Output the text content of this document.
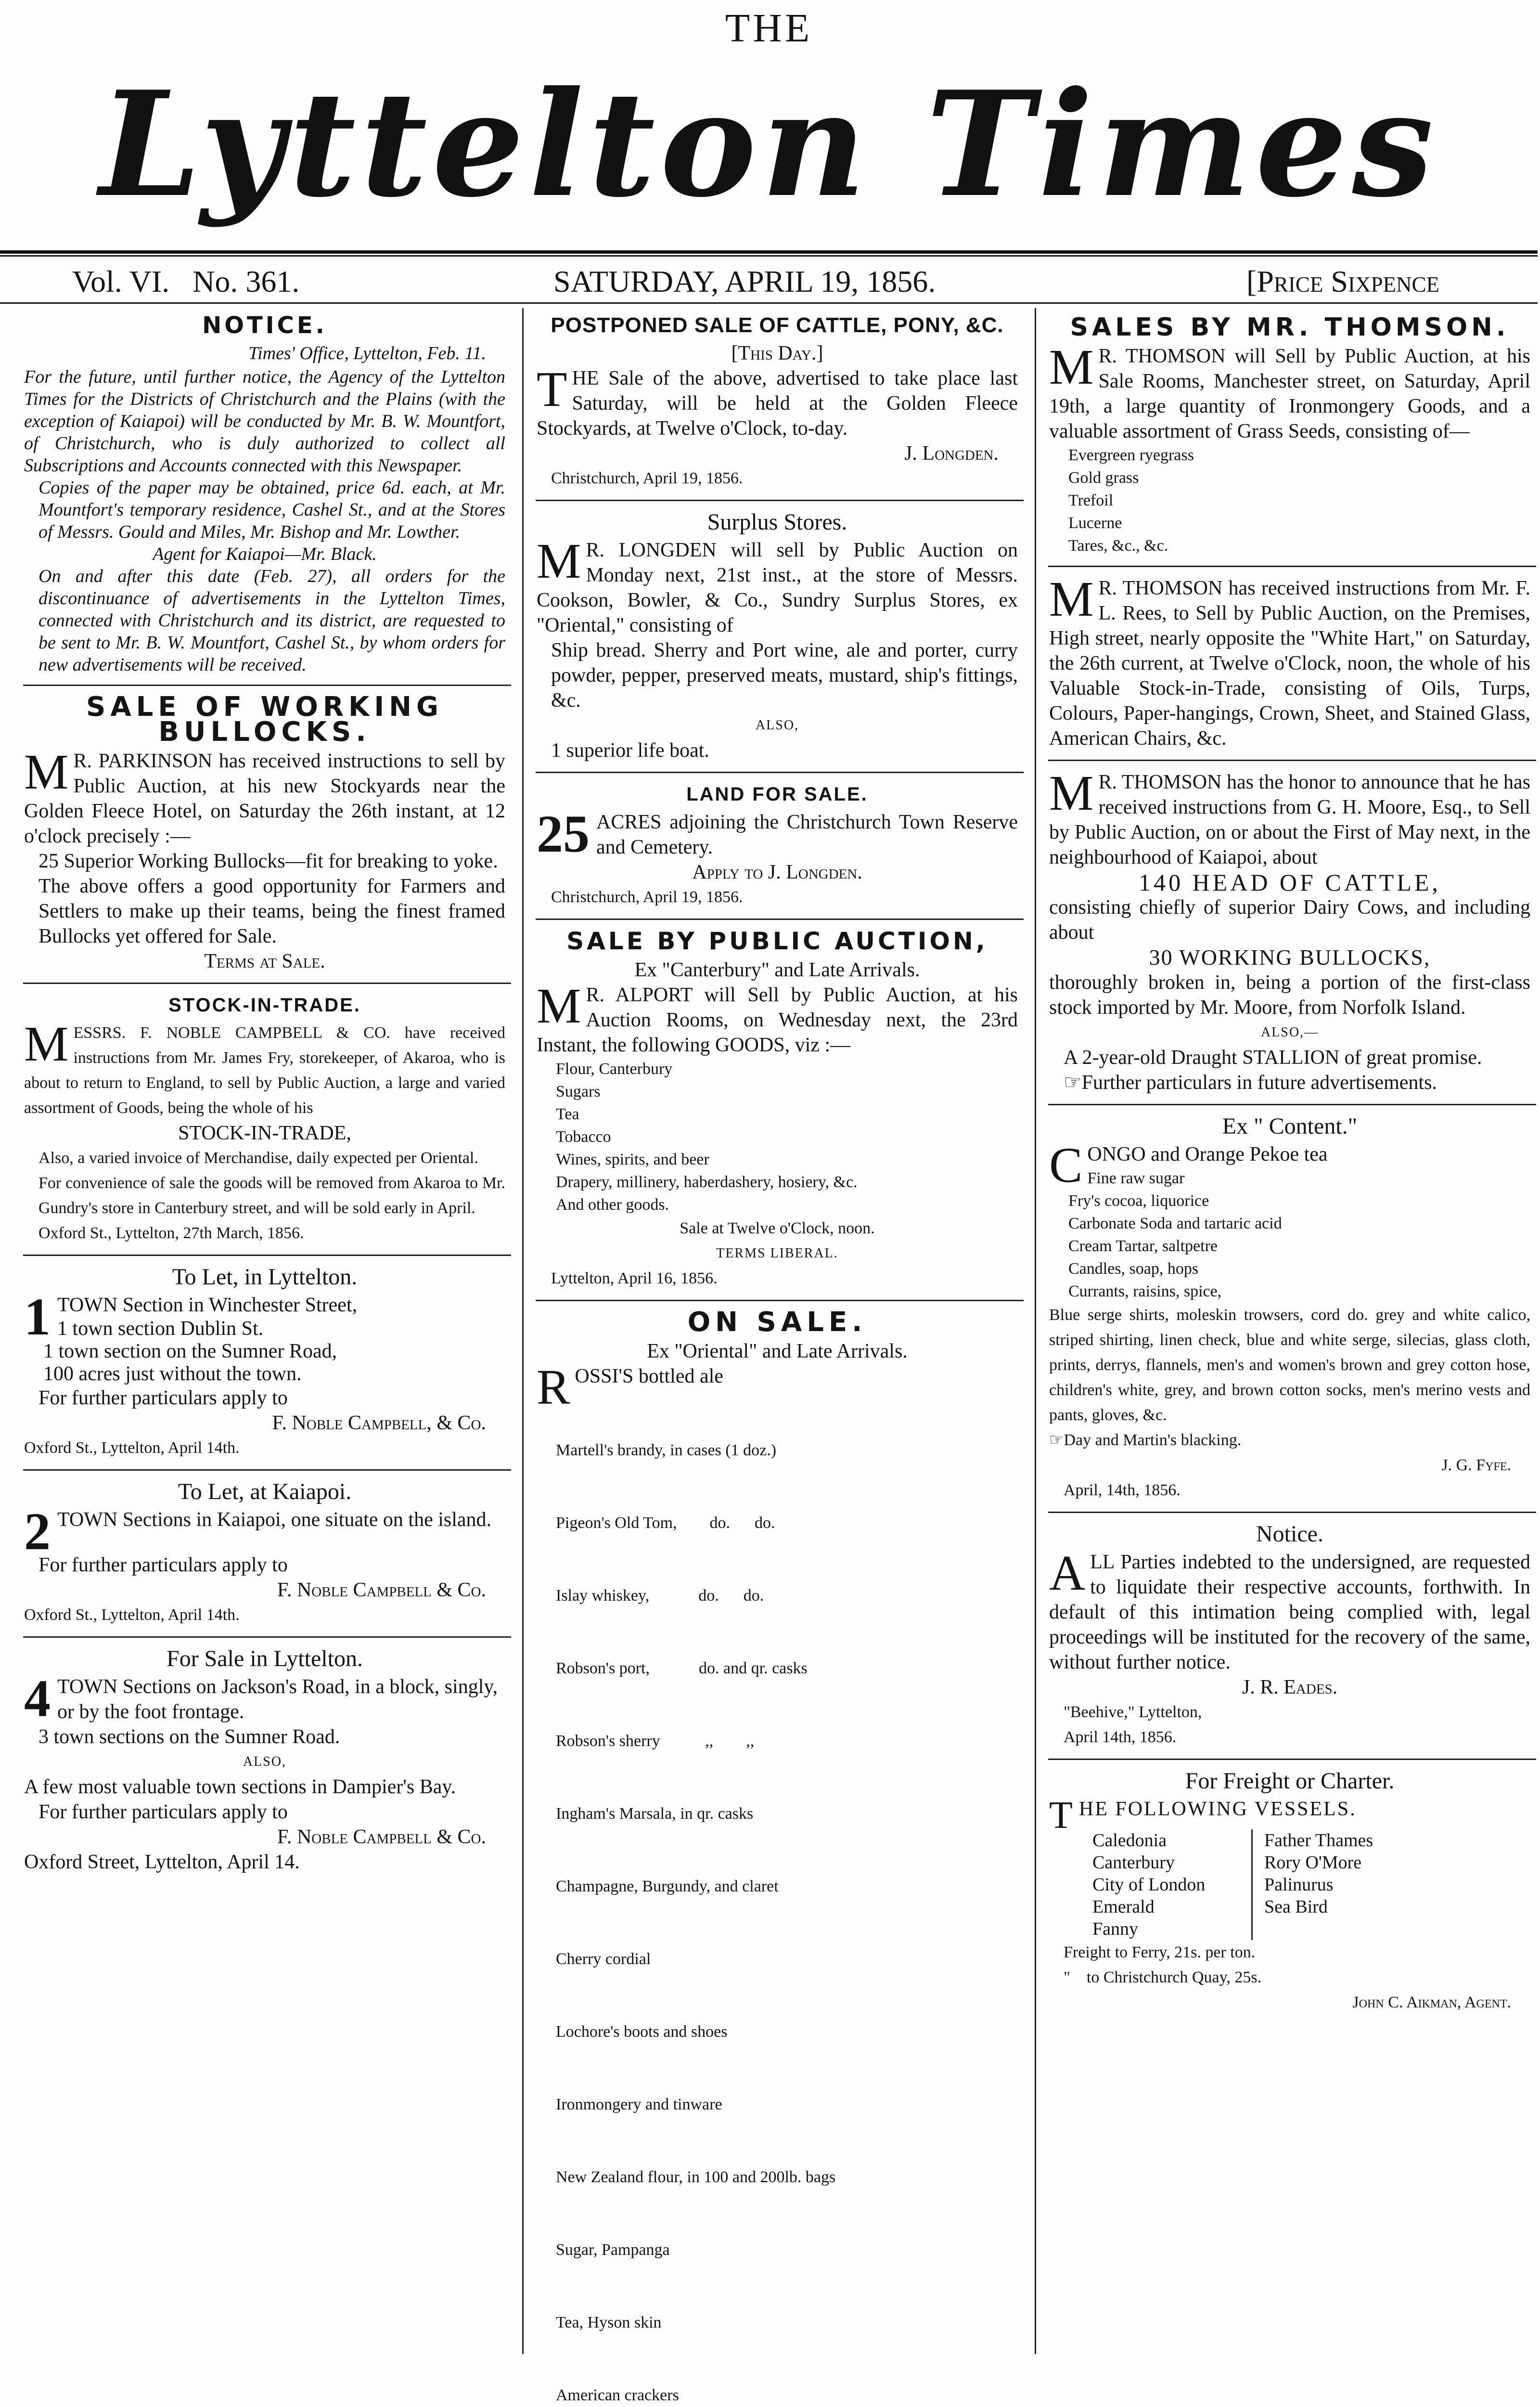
THE
Lyttelton Times
Vol. VI. No. 361.	SATURDAY, APRIL 19, 1856.	[Price Sixpence
NOTICE.
Times' Office, Lyttelton, Feb. 11.
For the future, until further notice, the Agency of the Lyttelton Times for the Districts of Christchurch and the Plains (with the exception of Kaiapoi) will be conducted by Mr. B. W. Mountfort, of Christchurch, who is duly authorized to collect all Subscriptions and Accounts connected with this Newspaper.
Copies of the paper may be obtained, price 6d. each, at Mr. Mountfort's temporary residence, Cashel St., and at the Stores of Messrs. Gould and Miles, Mr. Bishop and Mr. Lowther.
Agent for Kaiapoi—Mr. Black.
On and after this date (Feb. 27), all orders for the discontinuance of advertisements in the Lyttelton Times, connected with Christchurch and its district, are requested to be sent to Mr. B. W. Mountfort, Cashel St., by whom orders for new advertisements will be received.
SALE OF WORKING BULLOCKS.
M R. PARKINSON has received instructions to sell by Public Auction, at his new Stockyards near the Golden Fleece Hotel, on Saturday the 26th instant, at 12 o'clock precisely :—
25 Superior Working Bullocks—fit for breaking to yoke.
The above offers a good opportunity for Farmers and Settlers to make up their teams, being the finest framed Bullocks yet offered for Sale.
Terms at Sale.
STOCK-IN-TRADE.
MESSRS. F. NOBLE CAMPBELL & CO. have received instructions from Mr. James Fry, storekeeper, of Akaroa, who is about to return to England, to sell by Public Auction, a large and varied assortment of Goods, being the whole of his
STOCK-IN-TRADE,
Also, a varied invoice of Merchandise, daily expected per Oriental.
For convenience of sale the goods will be removed from Akaroa to Mr. Gundry's store in Canterbury street, and will be sold early in April.
Oxford St., Lyttelton, 27th March, 1856.
To Let, in Lyttelton.
1 TOWN Section in Winchester Street,
1 town section Dublin St.
1 town section on the Sumner Road,
100 acres just without the town.
For further particulars apply to
F. Noble Campbell, & Co.
Oxford St., Lyttelton, April 14th.
To Let, at Kaiapoi.
2 TOWN Sections in Kaiapoi, one situate on the island.
For further particulars apply to
F. Noble Campbell & Co.
Oxford St., Lyttelton, April 14th.
For Sale in Lyttelton.
4 TOWN Sections on Jackson's Road, in a block, singly, or by the foot frontage.
3 town sections on the Sumner Road.
ALSO,
A few most valuable town sections in Dampier's Bay.
For further particulars apply to
F. Noble Campbell & Co.
Oxford Street, Lyttelton, April 14.
POSTPONED SALE OF CATTLE, PONY, &C.
[This Day.]
THE Sale of the above, advertised to take place last Saturday, will be held at the Golden Fleece Stockyards, at Twelve o'Clock, to-day.
J. Longden.
Christchurch, April 19, 1856.
Surplus Stores.
M R. LONGDEN will sell by Public Auction on Monday next, 21st inst., at the store of Messrs. Cookson, Bowler, & Co., Sundry Surplus Stores, ex "Oriental," consisting of
Ship bread. Sherry and Port wine, ale and porter, curry powder, pepper, preserved meats, mustard, ship's fittings, &c.
ALSO,
1 superior life boat.
LAND FOR SALE.
25 ACRES adjoining the Christchurch Town Reserve and Cemetery.
Apply to J. Longden.
Christchurch, April 19, 1856.
SALE BY PUBLIC AUCTION,
Ex "Canterbury" and Late Arrivals.
M R. ALPORT will Sell by Public Auction, at his Auction Rooms, on Wednesday next, the 23rd Instant, the following GOODS, viz :—
Flour, Canterbury
Sugars
Tea
Tobacco
Wines, spirits, and beer
Drapery, millinery, haberdashery, hosiery, &c.
And other goods.
Sale at Twelve o'Clock, noon.
TERMS LIBERAL.
Lyttelton, April 16, 1856.
ON SALE.
Ex "Oriental" and Late Arrivals.
ROSSI'S bottled ale

Martell's brandy, in cases (1 doz.)

Pigeon's Old Tom,        do.      do.

Islay whiskey,            do.      do.

Robson's port,            do. and qr. casks

Robson's sherry           ,,        ,,

Ingham's Marsala, in qr. casks

Champagne, Burgundy, and claret

Cherry cordial

Lochore's boots and shoes

Ironmongery and tinware

New Zealand flour, in 100 and 200lb. bags

Sugar, Pampanga

Tea, Hyson skin

American crackers

SALES BY MR. THOMSON.
M R. THOMSON will Sell by Public Auction, at his Sale Rooms, Manchester street, on Saturday, April 19th, a large quantity of Ironmongery Goods, and a valuable assortment of Grass Seeds, consisting of—
Evergreen ryegrass
Gold grass
Trefoil
Lucerne
Tares, &c., &c.
M R. THOMSON has received instructions from Mr. F. L. Rees, to Sell by Public Auction, on the Premises, High street, nearly opposite the "White Hart," on Saturday, the 26th current, at Twelve o'Clock, noon, the whole of his Valuable Stock-in-Trade, consisting of Oils, Turps, Colours, Paper-hangings, Crown, Sheet, and Stained Glass, American Chairs, &c.
M R. THOMSON has the honor to announce that he has received instructions from G. H. Moore, Esq., to Sell by Public Auction, on or about the First of May next, in the neighbourhood of Kaiapoi, about
140 HEAD OF CATTLE,
consisting chiefly of superior Dairy Cows, and including about
30 WORKING BULLOCKS,
thoroughly broken in, being a portion of the first-class stock imported by Mr. Moore, from Norfolk Island.
ALSO,—
A 2-year-old Draught STALLION of great promise.
☞Further particulars in future advertisements.
Ex " Content."
CONGO and Orange Pekoe tea
Fine raw sugar
Fry's cocoa, liquorice
Carbonate Soda and tartaric acid
Cream Tartar, saltpetre
Candles, soap, hops
Currants, raisins, spice,
Blue serge shirts, moleskin trowsers, cord do. grey and white calico, striped shirting, linen check, blue and white serge, silecias, glass cloth, prints, derrys, flannels, men's and women's brown and grey cotton hose, children's white, grey, and brown cotton socks, men's merino vests and pants, gloves, &c.
☞Day and Martin's blacking.
J. G. Fyfe.
April, 14th, 1856.
Notice.
ALL Parties indebted to the undersigned, are requested to liquidate their respective accounts, forthwith. In default of this intimation being complied with, legal proceedings will be instituted for the recovery of the same, without further notice.
J. R. Eades.
"Beehive," Lyttelton,
April 14th, 1856.
For Freight or Charter.
THE FOLLOWING VESSELS.
Caledonia
Canterbury
City of London
Emerald
Fanny
Father Thames
Rory O'More
Palinurus
Sea Bird
Freight to Ferry, 21s. per ton.
"    to Christchurch Quay, 25s.
John C. Aikman, Agent.
